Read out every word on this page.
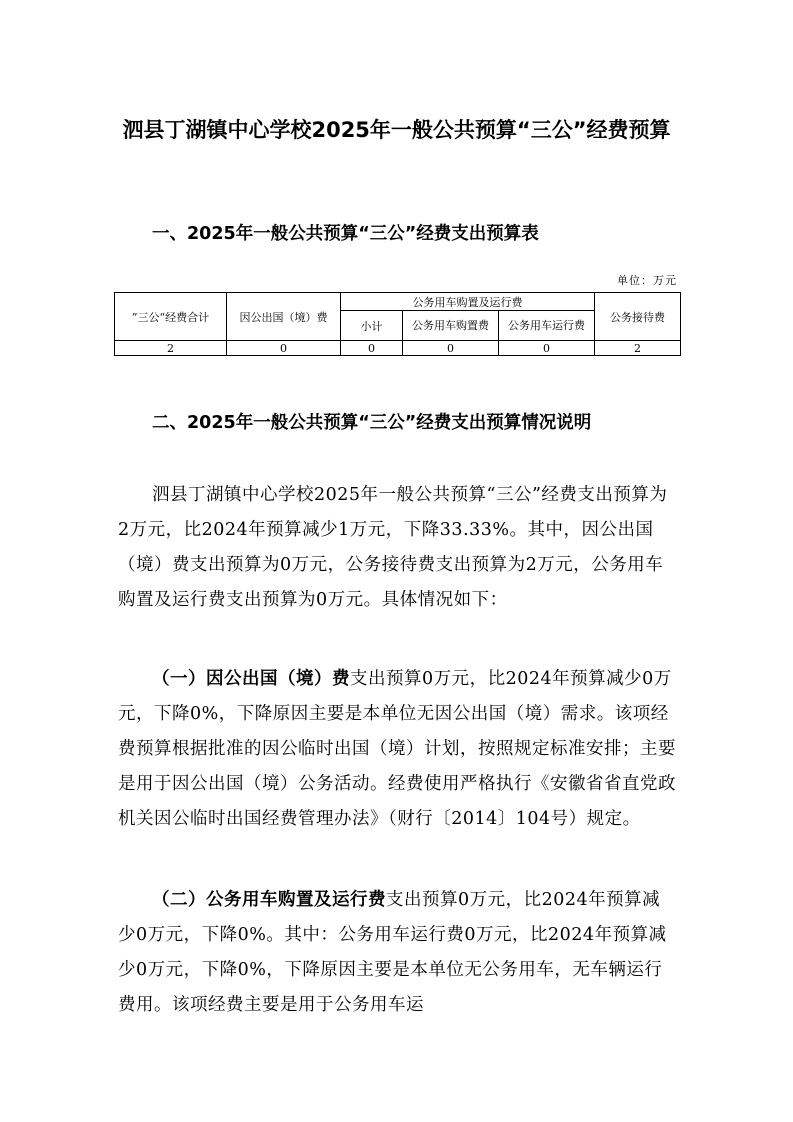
泗县丁湖镇中心学校2025年一般公共预算“三公”经费预算
一、2025年一般公共预算“三公”经费支出预算表
单位：万元
”三公“经费合计	因公出国（境）费	公务用车购置及运行费			公务接待费
		小计	公务用车购置费	公务用车运行费	
2	0	0	0	0	2
二、2025年一般公共预算“三公”经费支出预算情况说明

泗县丁湖镇中心学校2025年一般公共预算“三公”经费支出预算为2万元，比2024年预算减少1万元，下降33.33%。其中，因公出国（境）费支出预算为0万元，公务接待费支出预算为2万元，公务用车购置及运行费支出预算为0万元。具体情况如下：

（一）因公出国（境）费支出预算0万元，比2024年预算减少0万元，下降0%，下降原因主要是本单位无因公出国（境）需求。该项经费预算根据批准的因公临时出国（境）计划，按照规定标准安排；主要是用于因公出国（境）公务活动。经费使用严格执行《安徽省省直党政机关因公临时出国经费管理办法》（财行〔2014〕104号）规定。

（二）公务用车购置及运行费支出预算0万元，比2024年预算减少0万元，下降0%。其中：公务用车运行费0万元，比2024年预算减少0万元，下降0%，下降原因主要是本单位无公务用车，无车辆运行费用。该项经费主要是用于公务用车运
